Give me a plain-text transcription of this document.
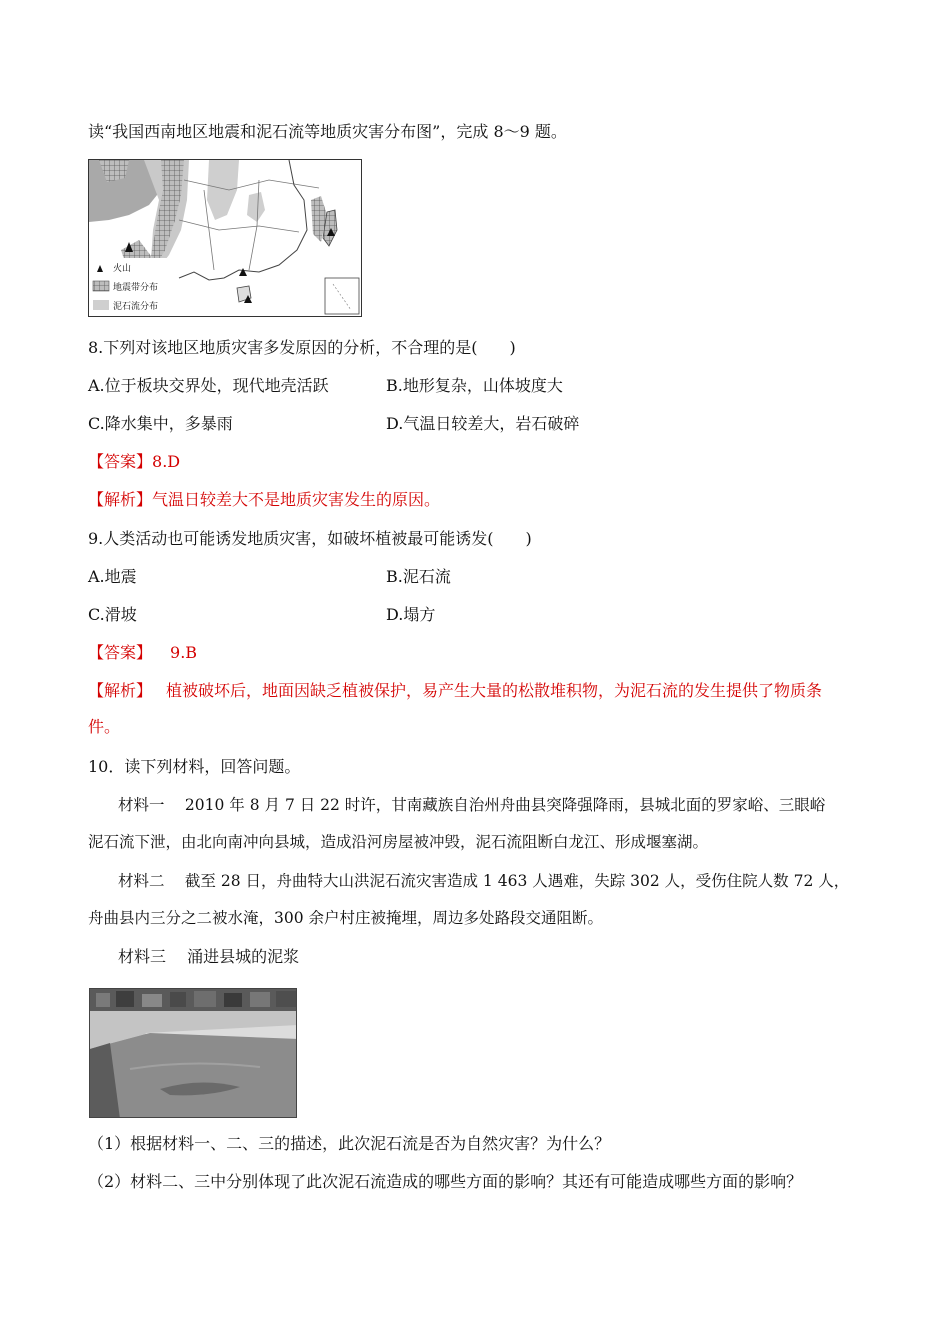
读“我国西南地区地震和泥石流等地质灾害分布图”，完成 8～9 题。
火山
地震带分布
泥石流分布
8.下列对该地区地质灾害多发原因的分析，不合理的是( )
A.位于板块交界处，现代地壳活跃	B.地形复杂，山体坡度大
C.降水集中，多暴雨	D.气温日较差大，岩石破碎
【答案】8.D
【解析】气温日较差大不是地质灾害发生的原因。
9.人类活动也可能诱发地质灾害，如破坏植被最可能诱发( )
A.地震	B.泥石流
C.滑坡	D.塌方
【答案】 9.B
【解析】 植被破坏后，地面因缺乏植被保护，易产生大量的松散堆积物，为泥石流的发生提供了物质条
件。
10．读下列材料，回答问题。
材料一　 2010 年 8 月 7 日 22 时许，甘南藏族自治州舟曲县突降强降雨，县城北面的罗家峪、三眼峪
泥石流下泄，由北向南冲向县城，造成沿河房屋被冲毁，泥石流阻断白龙江、形成堰塞湖。
材料二　 截至 28 日，舟曲特大山洪泥石流灾害造成 1 463 人遇难，失踪 302 人，受伤住院人数 72 人，
舟曲县内三分之二被水淹，300 余户村庄被掩埋，周边多处路段交通阻断。
材料三　 涌进县城的泥浆
（1）根据材料一、二、三的描述，此次泥石流是否为自然灾害？为什么？
（2）材料二、三中分别体现了此次泥石流造成的哪些方面的影响？其还有可能造成哪些方面的影响？
